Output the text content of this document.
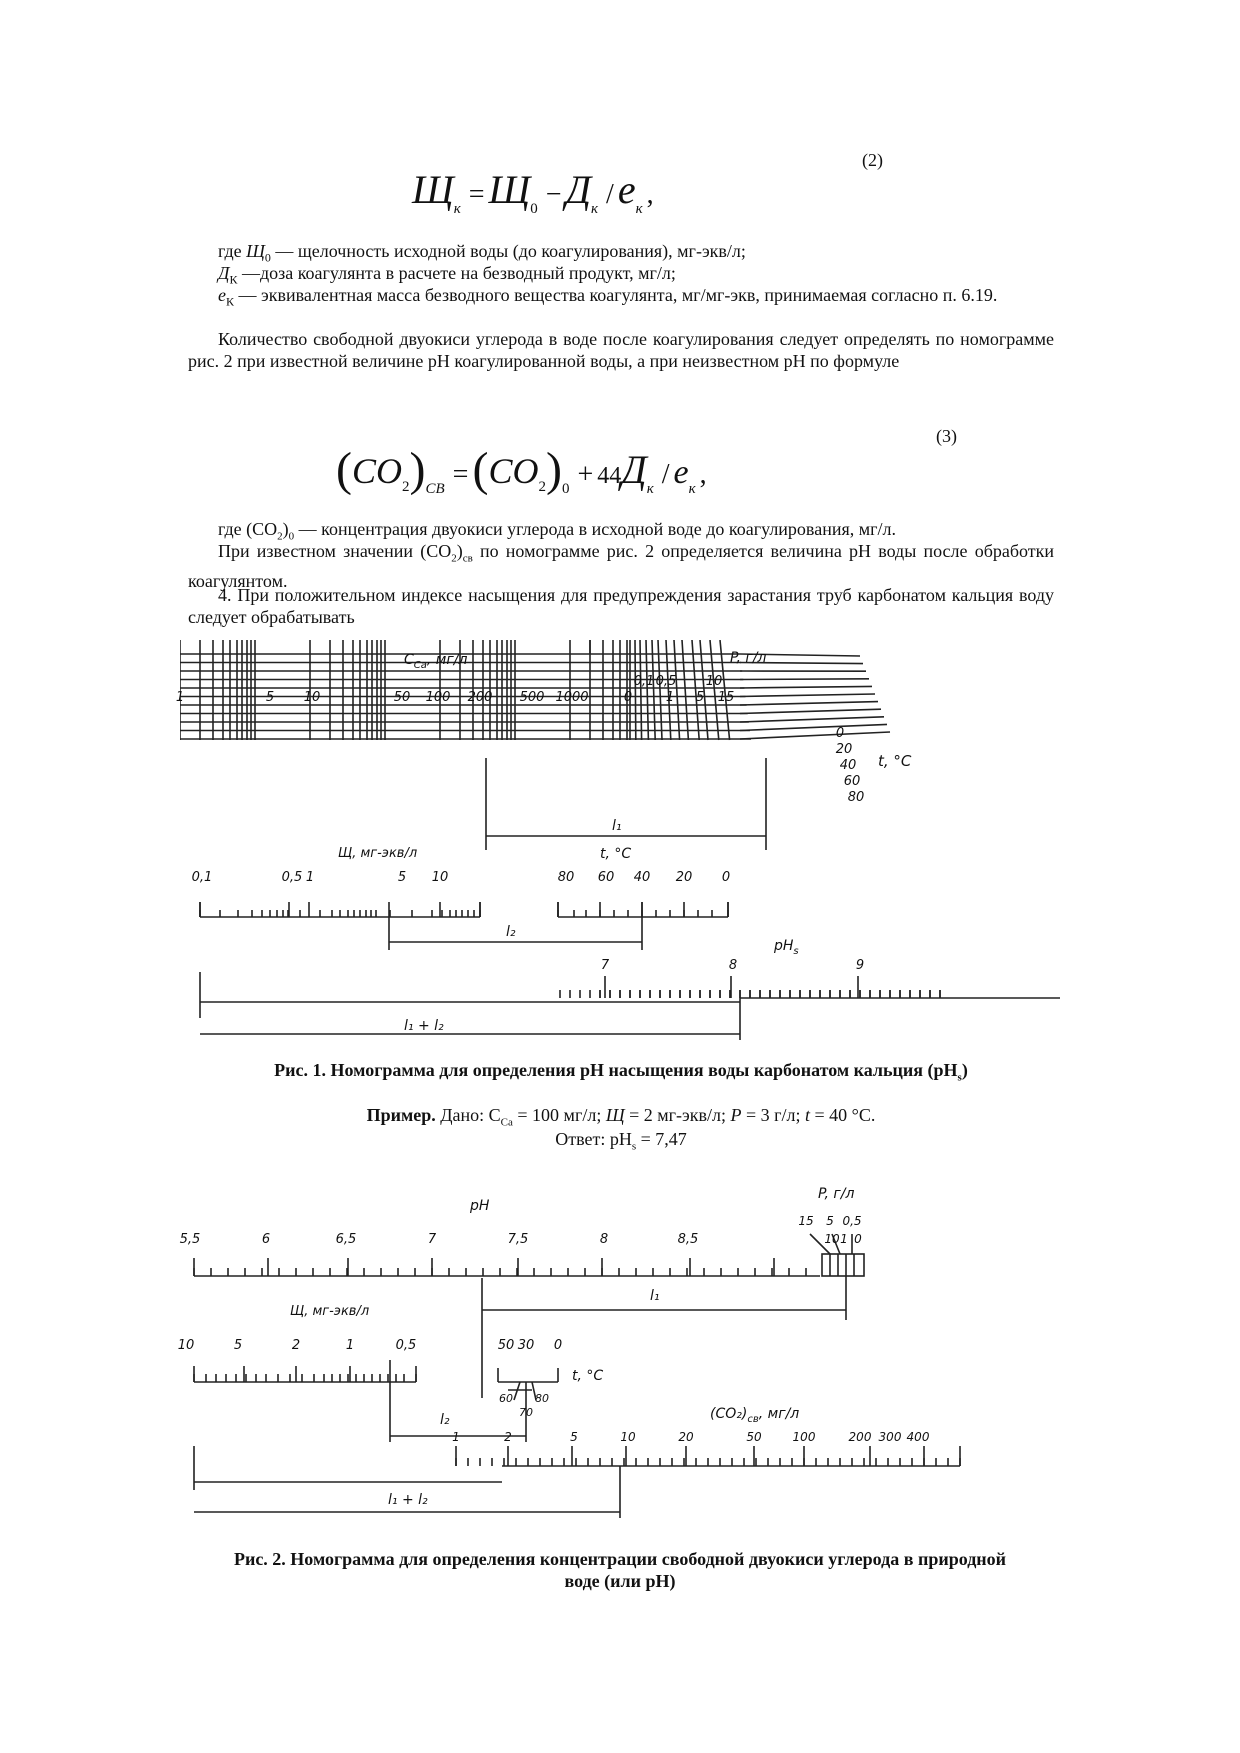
(2)
Щк = Щ0 − Дк / eк ,
где $Щ_0$ — щелочность исходной воды (до коагулирования), мг-экв/л;
$Д_К$ —доза коагулянта в расчете на безводный продукт, мг/л;
$е_К$ — эквивалентная масса безводного вещества коагулянта, мг/мг-экв, принимаемая согласно п. 6.19.
Количество свободной двуокиси углерода в воде после коагулирования следует определять по номограмме рис. 2 при известной величине pH коагулированной воды, а при неизвестном pH по формуле
(3)
(CO2)CB =(CO2)0 + 44Дк / eк ,
где $(СО_2)_0$ — концентрация двуокиси углерода в исходной воде до коагулирования, мг/л.
При известном значении $(СО_2)_{св}$ по номограмме рис. 2 определяется величина pH воды после обработки коагулянтом.
4. При положительном индексе насыщения для предупреждения зарастания труб карбонатом кальция воду следует обрабатывать
$C_{Ca}$, мг/л	P, г/л
1	5 10	50 100 200 500 1000
0,1 0,5 10
0	1 5 15
0
20
40
60
80
t, °C
l₁
t, °C
Щ, мг-экв/л
0,1	0,5 1	5 10	80 60 40 20 0
l₂
$pH_s$
7	8	9
l₁ + l₂
Рис. 1. Номограмма для определения pH насыщения воды карбонатом кальция $(pH_s)$
Пример. Дано: $С_{Ca} = 100$ мг/л; Щ = 2 мг-экв/л; P = 3 г/л; t = 40 °С.
Ответ: $pH_s = 7,47$
pH
P, г/л
5,5	6	6,5	7	7,5	8	8,5
15 5 0,5
10 1 0
l₁
Щ, мг-экв/л
10	5	2	1	0,5	50 30 0
60 80
70
t, °C
l₂	$(CO_2)_{св}$, мг/л
1	2	5	10	20	50	100	200 300 400
l₁ + l₂
Рис. 2. Номограмма для определения концентрации свободной двуокиси углерода в природной воде (или pH)
